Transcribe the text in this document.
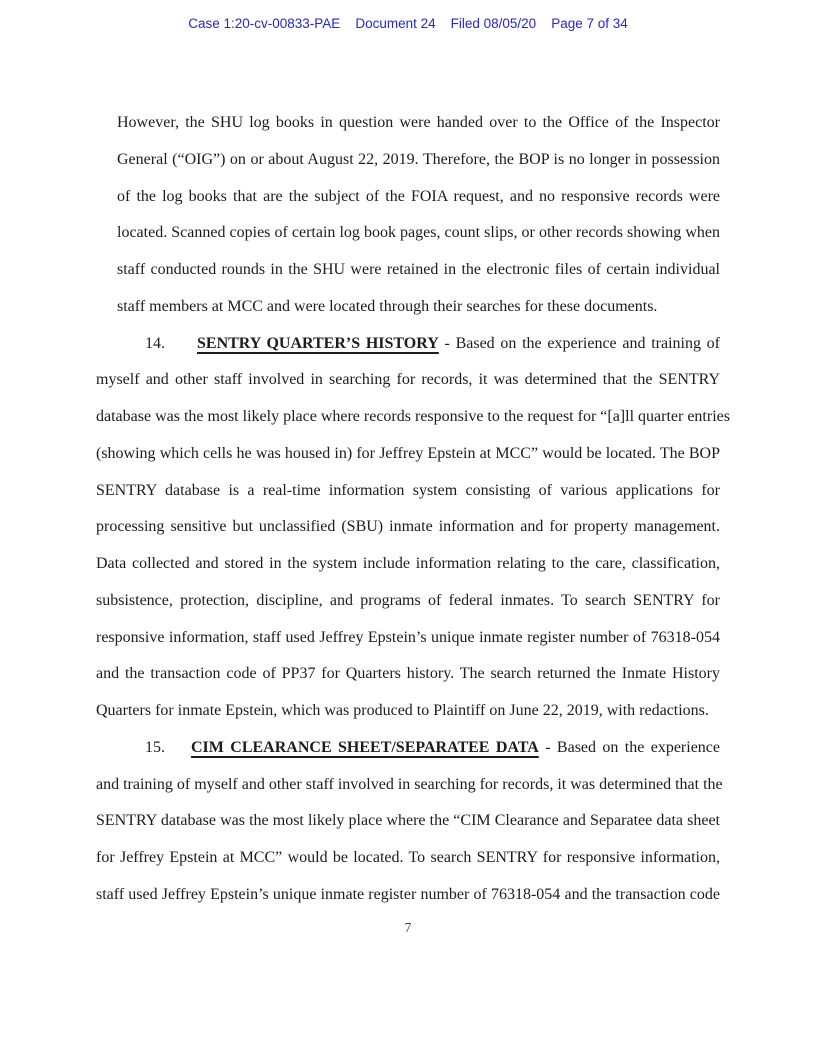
Case 1:20-cv-00833-PAE Document 24 Filed 08/05/20 Page 7 of 34
However, the SHU log books in question were handed over to the Office of the Inspector
General (“OIG”) on or about August 22, 2019. Therefore, the BOP is no longer in possession
of the log books that are the subject of the FOIA request, and no responsive records were
located. Scanned copies of certain log book pages, count slips, or other records showing when
staff conducted rounds in the SHU were retained in the electronic files of certain individual
staff members at MCC and were located through their searches for these documents.
14. SENTRY QUARTER’S HISTORY - Based on the experience and training of
myself and other staff involved in searching for records, it was determined that the SENTRY
database was the most likely place where records responsive to the request for “[a]ll quarter entries
(showing which cells he was housed in) for Jeffrey Epstein at MCC” would be located. The BOP
SENTRY database is a real-time information system consisting of various applications for
processing sensitive but unclassified (SBU) inmate information and for property management.
Data collected and stored in the system include information relating to the care, classification,
subsistence, protection, discipline, and programs of federal inmates. To search SENTRY for
responsive information, staff used Jeffrey Epstein’s unique inmate register number of 76318-054
and the transaction code of PP37 for Quarters history. The search returned the Inmate History
Quarters for inmate Epstein, which was produced to Plaintiff on June 22, 2019, with redactions.
15. CIM CLEARANCE SHEET/SEPARATEE DATA - Based on the experience
and training of myself and other staff involved in searching for records, it was determined that the
SENTRY database was the most likely place where the “CIM Clearance and Separatee data sheet
for Jeffrey Epstein at MCC” would be located. To search SENTRY for responsive information,
staff used Jeffrey Epstein’s unique inmate register number of 76318-054 and the transaction code
7
